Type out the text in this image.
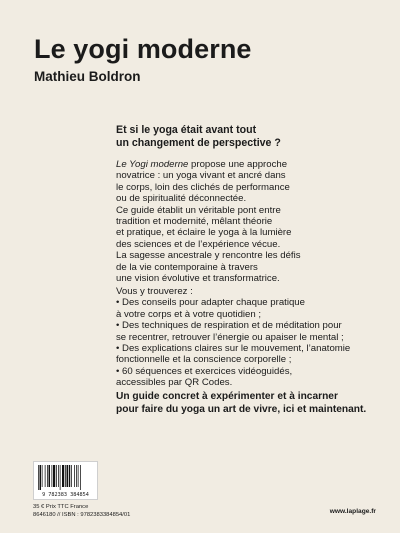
Le yogi moderne
Mathieu Boldron
Et si le yoga était avant tout
un changement de perspective ?
Le Yogi moderne propose une approche
novatrice : un yoga vivant et ancré dans
le corps, loin des clichés de performance
ou de spiritualité déconnectée.
Ce guide établit un véritable pont entre
tradition et modernité, mêlant théorie
et pratique, et éclaire le yoga à la lumière
des sciences et de l’expérience vécue.
La sagesse ancestrale y rencontre les défis
de la vie contemporaine à travers
une vision évolutive et transformatrice.
Vous y trouverez :
• Des conseils pour adapter chaque pratique
à votre corps et à votre quotidien ;
• Des techniques de respiration et de méditation pour
se recentrer, retrouver l’énergie ou apaiser le mental ;
• Des explications claires sur le mouvement, l’anatomie
fonctionnelle et la conscience corporelle ;
• 60 séquences et exercices vidéoguidés,
accessibles par QR Codes.
Un guide concret à expérimenter et à incarner
pour faire du yoga un art de vivre, ici et maintenant.
9 782383 384854
35 € Prix TTC France
8646180 // ISBN : 9782383384854/01	www.laplage.fr
